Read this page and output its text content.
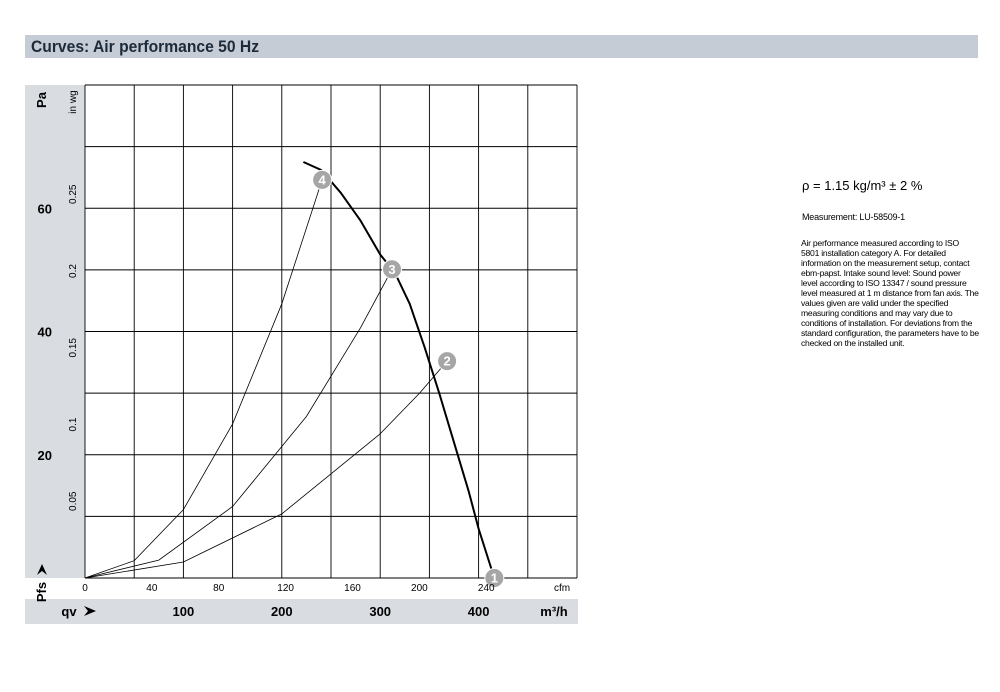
Curves: Air performance 50 Hz
1
2
3
4
100	200	300	400
0	40	80	120	160	200	240
20
40
60
0.05
0.1
0.15
0.2
0.25
Pa in wg
m³/h
cfm
qv
Pfs
ρ = 1.15 kg/m³ ± 2 %
Measurement: LU-58509-1
Air performance measured according to ISO 5801 installation category A. For detailed information on the measurement setup, contact ebm-papst. Intake sound level: Sound power level according to ISO 13347 / sound pressure level measured at 1 m distance from fan axis. The values given are valid under the specified measuring conditions and may vary due to conditions of installation. For deviations from the standard configuration, the parameters have to be checked on the installed unit.
